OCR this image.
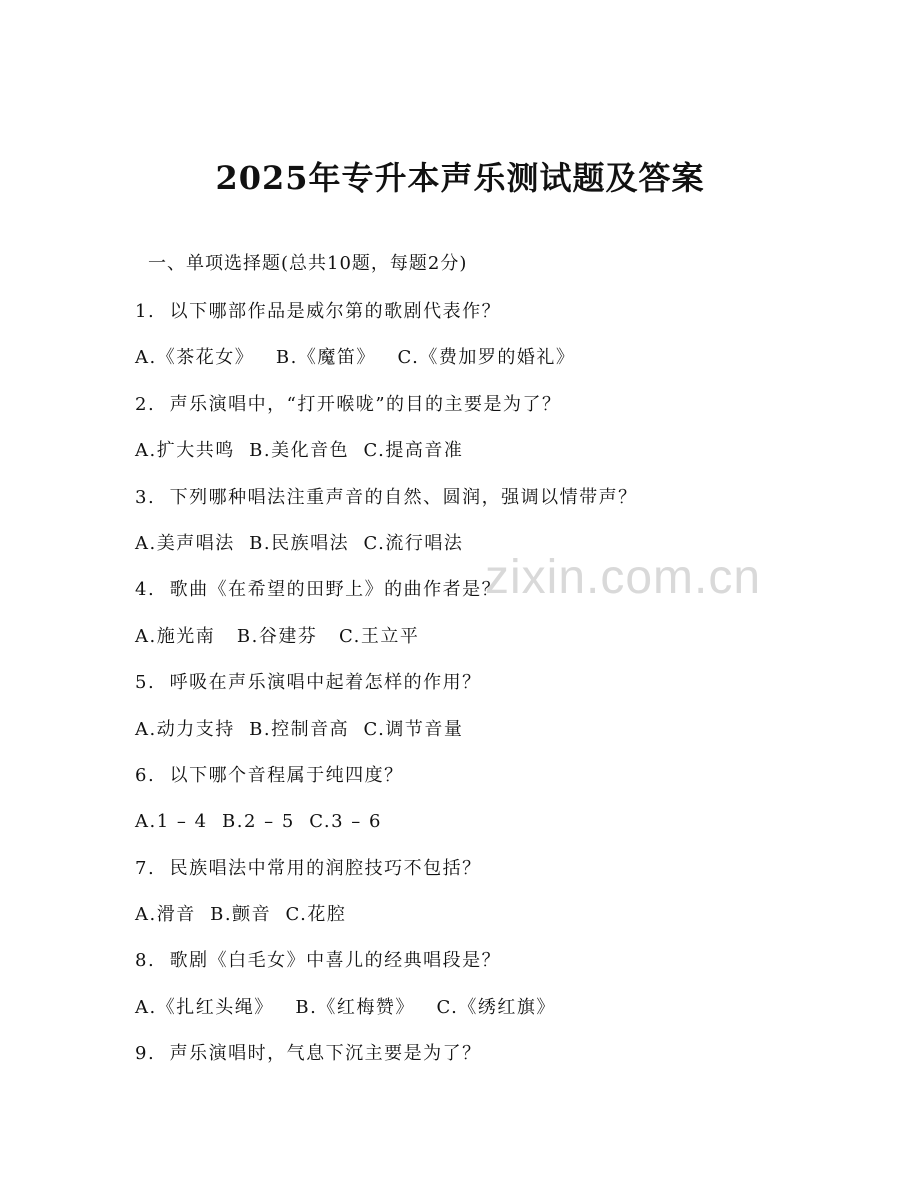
2025年专升本声乐测试题及答案
一、单项选择题(总共10题，每题2分)
zixin.com.cn
1.  以下哪部作品是威尔第的歌剧代表作？
A.《茶花女》   B.《魔笛》   C.《费加罗的婚礼》
2.  声乐演唱中，“打开喉咙”的目的主要是为了？
A.扩大共鸣  B.美化音色  C.提高音准
3.  下列哪种唱法注重声音的自然、圆润，强调以情带声？
A.美声唱法  B.民族唱法  C.流行唱法
4.  歌曲《在希望的田野上》的曲作者是？
A.施光南   B.谷建芬   C.王立平
5.  呼吸在声乐演唱中起着怎样的作用？
A.动力支持  B.控制音高  C.调节音量
6.  以下哪个音程属于纯四度？
A.1 – 4  B.2 – 5  C.3 – 6
7.  民族唱法中常用的润腔技巧不包括？
A.滑音  B.颤音  C.花腔
8.  歌剧《白毛女》中喜儿的经典唱段是？
A.《扎红头绳》   B.《红梅赞》   C.《绣红旗》
9.  声乐演唱时，气息下沉主要是为了？
